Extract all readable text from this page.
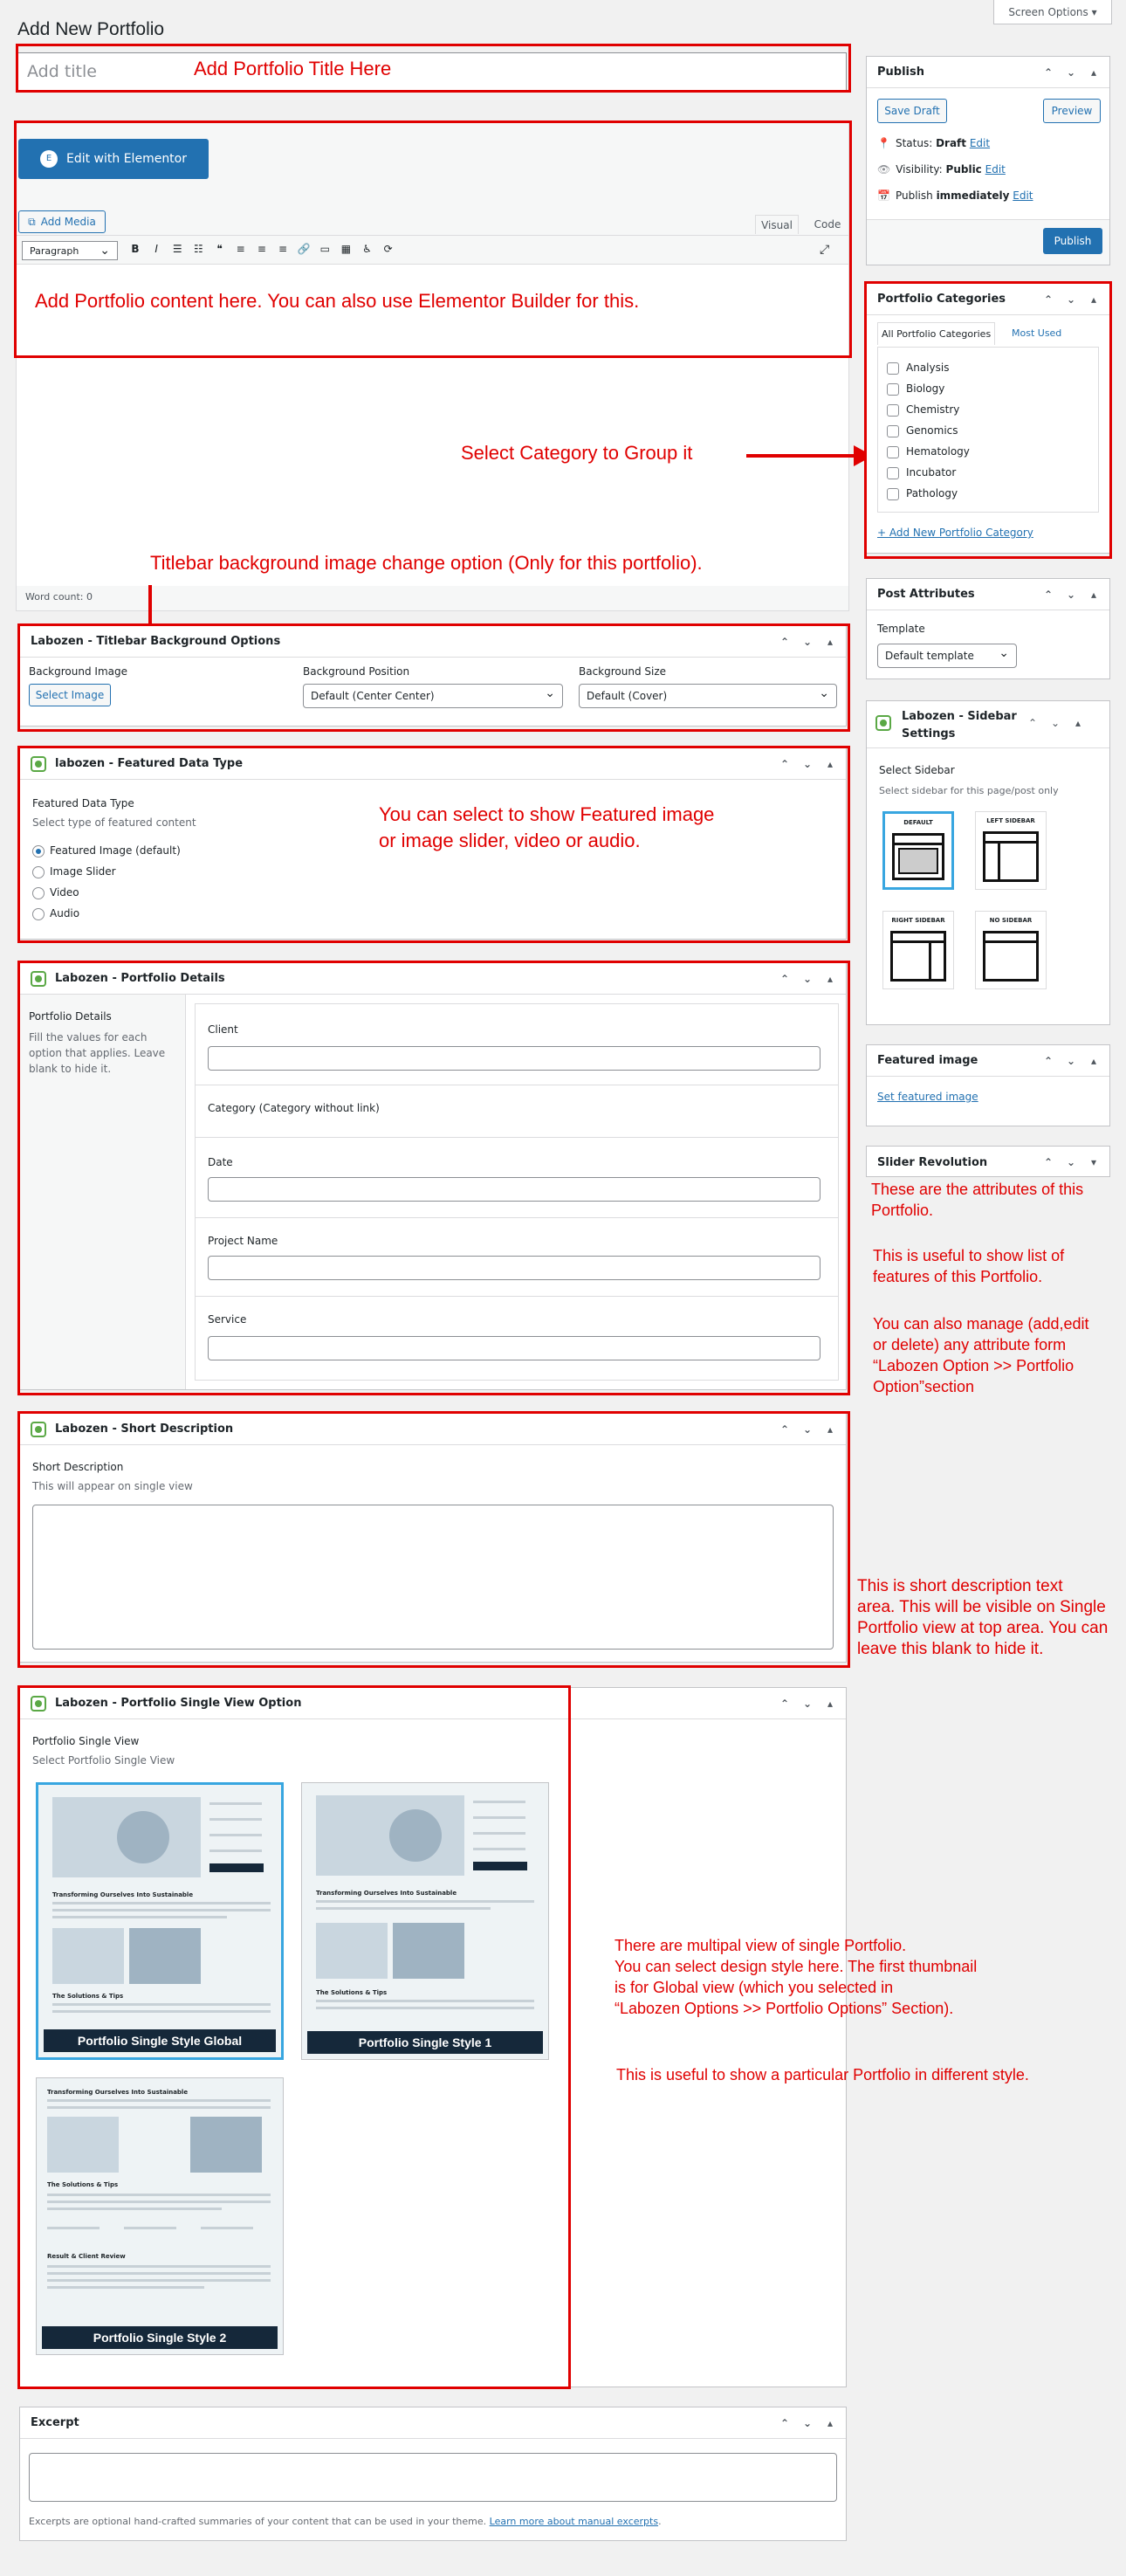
Screen Options ▾
Add New Portfolio
Add title	Add Portfolio Title Here
E	Edit with Elementor
⧉ Add Media	Visual	Code
Paragraph ⌄	B I ☰ ☷ ❝ ≡ ≡ ≡ 🔗 ▭ ▦ ♿ ⟳	⤢
Word count: 0
Add Portfolio content here. You can also use Elementor Builder for this.
Select Category to Group it
Titlebar background image change option (Only for this portfolio).
Labozen - Titlebar Background Options	⌃ ⌄	▴
Background Image
Select Image
Background Position
Default (Center Center) ⌄
Background Size
Default (Cover) ⌄
labozen - Featured Data Type	⌃ ⌄	▴
Featured Data Type
Select type of featured content
Featured Image (default)
Image Slider
Video
Audio
You can select to show Featured image
or image slider, video or audio.
Labozen - Portfolio Details	⌃ ⌄	▴
Portfolio Details
Fill the values for each
option that applies. Leave
blank to hide it.
Client
Category (Category without link)
Date
Project Name
Service
Labozen - Short Description	⌃ ⌄	▴
Short Description
This will appear on single view
This is short description text
area. This will be visible on Single
Portfolio view at top area. You can
leave this blank to hide it.
Labozen - Portfolio Single View Option	⌃ ⌄	▴
Portfolio Single View
Select Portfolio Single View
Transforming Ourselves Into Sustainable
The Solutions & Tips
Portfolio Single Style Global
Transforming Ourselves Into Sustainable
The Solutions & Tips
Portfolio Single Style 1
Transforming Ourselves Into Sustainable
The Solutions & Tips
Result & Client Review
Portfolio Single Style 2
There are multipal view of single Portfolio.
You can select design style here. The first thumbnail
is for Global view (which you selected in
“Labozen Options >> Portfolio Options” Section).
This is useful to show a particular Portfolio in different style.
Excerpt	⌃ ⌄	▴
Excerpts are optional hand-crafted summaries of your content that can be used in your theme. Learn more about manual excerpts.
Publish	⌃ ⌄	▴
Save Draft	Preview
📍 Status: Draft Edit
👁 Visibility: Public Edit
📅 Publish immediately Edit
Publish
Portfolio Categories	⌃ ⌄	▴
All Portfolio Categories	Most Used
Analysis
Biology
Chemistry
Genomics
Hematology
Incubator
Pathology
+ Add New Portfolio Category
Post Attributes	⌃ ⌄	▴
Template
Default template ⌄
Labozen - Sidebar
Settings
⌃ ⌄	▴
Select Sidebar
Select sidebar for this page/post only
DEFAULT	LEFT SIDEBAR
RIGHT SIDEBAR	NO SIDEBAR
Featured image	⌃ ⌄	▴
Set featured image
Slider Revolution	⌃ ⌄	▾
These are the attributes of this
Portfolio.
This is useful to show list of features of this Portfolio.
You can also manage (add,edit
or delete) any attribute form
“Labozen Option >> Portfolio
Option”section
